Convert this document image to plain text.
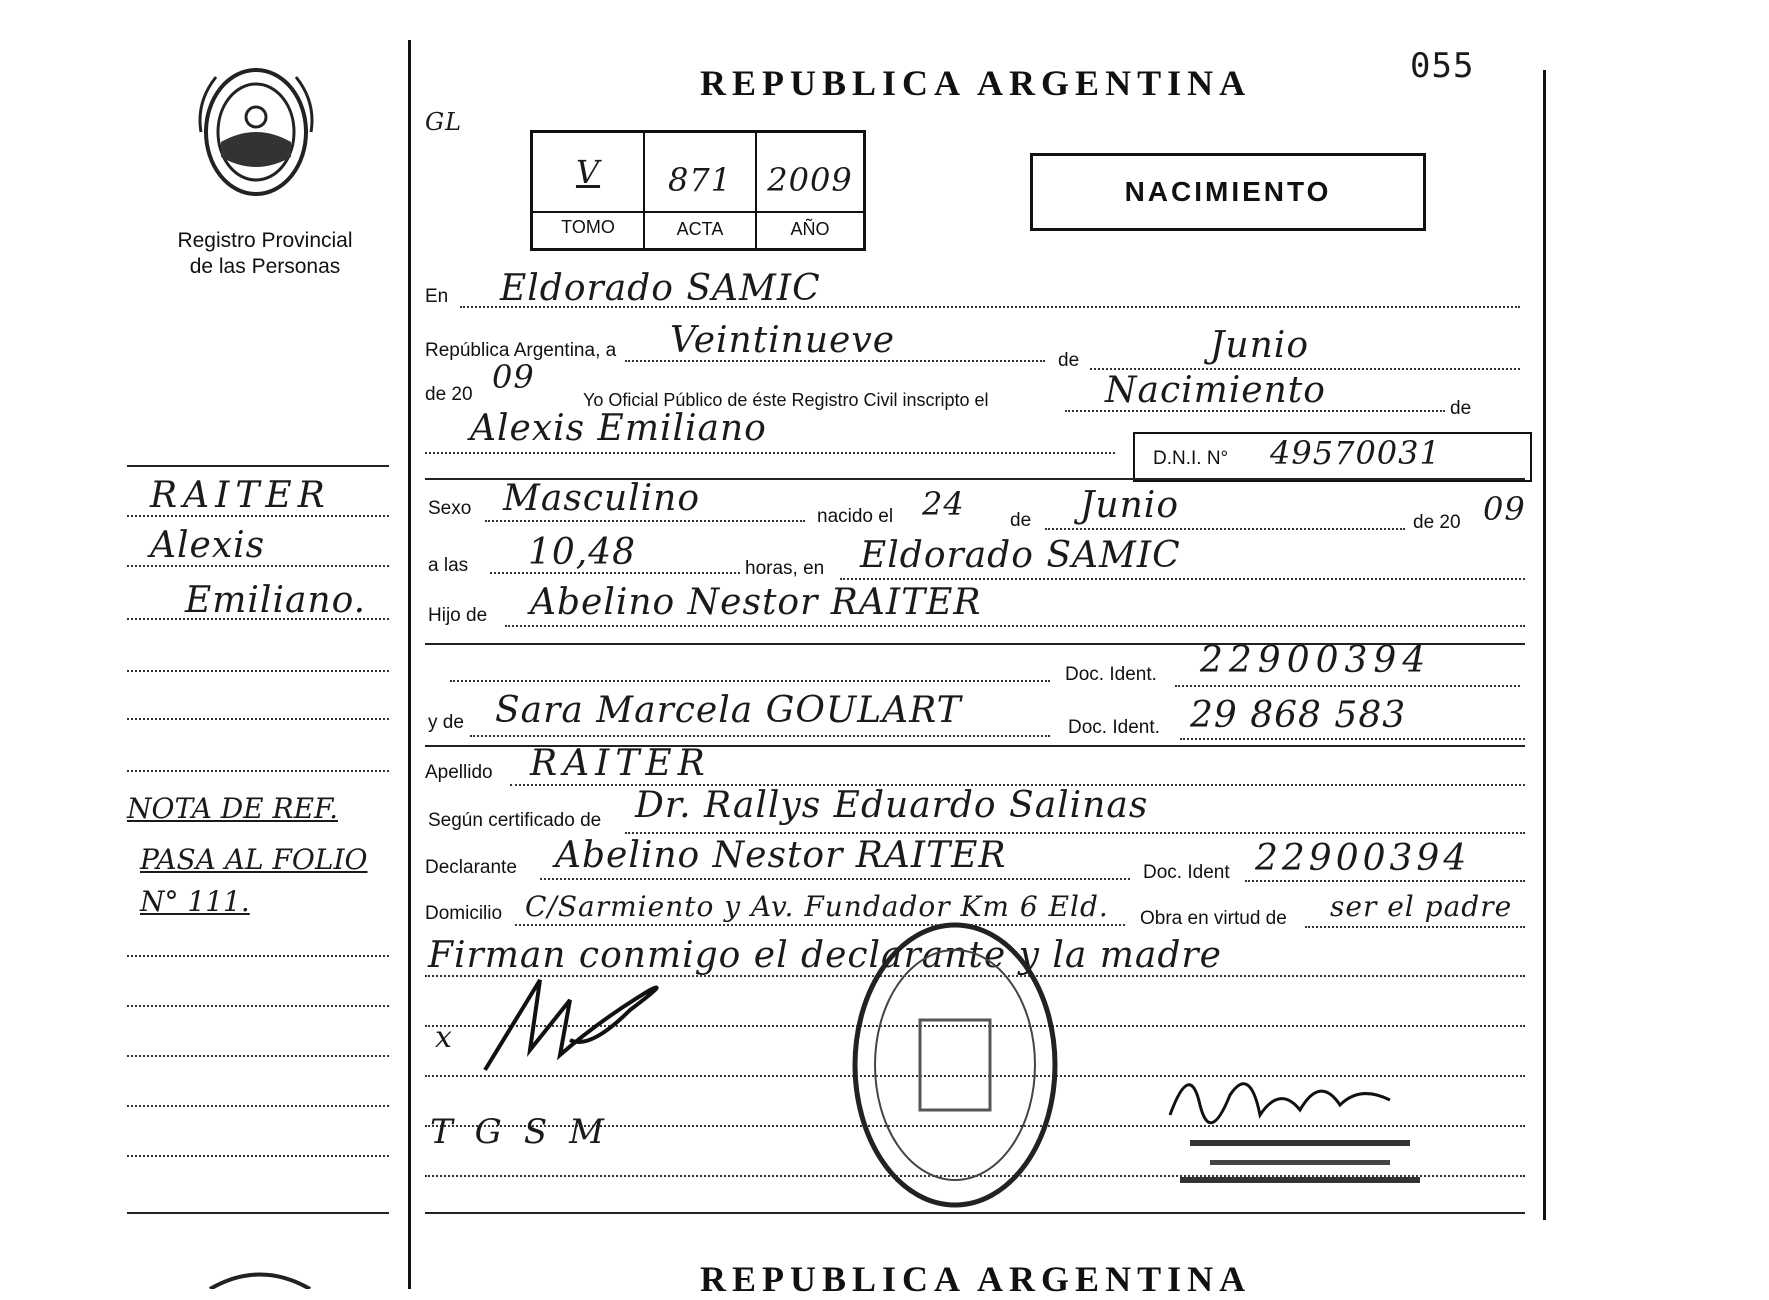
Registro Provincial
de las Personas
REPUBLICA ARGENTINA	055
GL
V	871	2009
TOMO	ACTA	AÑO
NACIMIENTO
En Eldorado SAMIC
República Argentina, a Veintinueve	de	Junio
de 20 09
Yo Oficial Público de éste Registro Civil inscripto el	Nacimiento	de
Alexis Emiliano
D.N.I. N° 49570031
Sexo Masculino	nacido el 24 de Junio	de 20 09
a las 10,48	horas, en Eldorado SAMIC
Hijo de Abelino Nestor RAITER
Doc. Ident. 22900394
y de Sara Marcela GOULART	Doc. Ident. 29 868 583
Apellido RAITER
Según certificado de Dr. Rallys Eduardo Salinas
Declarante Abelino Nestor RAITER	Doc. Ident 22900394
Domicilio C/Sarmiento y Av. Fundador Km 6 Eld. Obra en virtud de ser el padre
Firman conmigo el declarante y la madre
x
TGSM
RAITER
Alexis
Emiliano.
NOTA DE REF.
PASA AL FOLIO
N° 111.
REPUBLICA ARGENTINA
